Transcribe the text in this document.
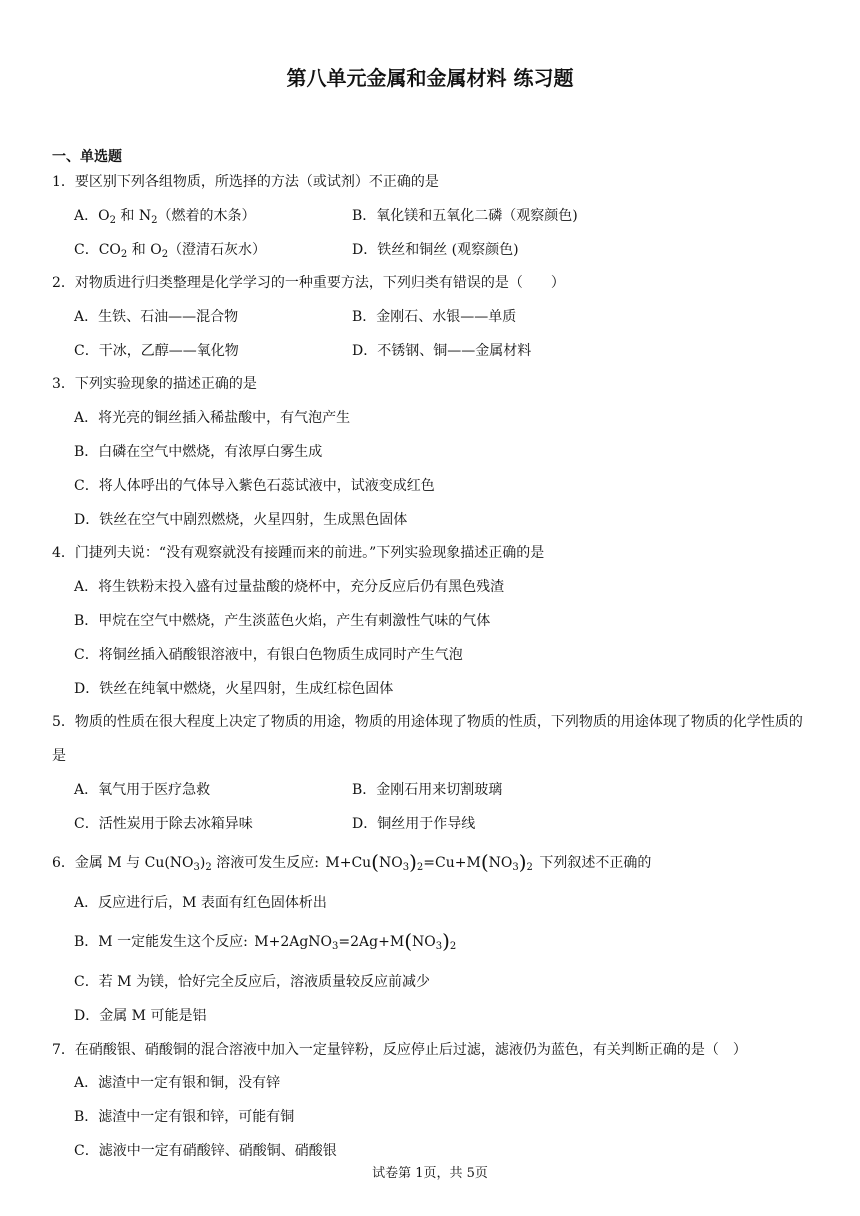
第八单元金属和金属材料 练习题
一、单选题
1．要区别下列各组物质，所选择的方法（或试剂）不正确的是
A．$O_2$ 和 $N_2$（燃着的木条）	B．氧化镁和五氧化二磷（观察颜色)
C．$CO_2$ 和 $O_2$（澄清石灰水）	D．铁丝和铜丝 (观察颜色)
2．对物质进行归类整理是化学学习的一种重要方法，下列归类有错误的是（　　）
A．生铁、石油——混合物	B．金刚石、水银——单质
C．干冰，乙醇——氧化物	D．不锈钢、铜——金属材料
3．下列实验现象的描述正确的是
A．将光亮的铜丝插入稀盐酸中，有气泡产生
B．白磷在空气中燃烧，有浓厚白雾生成
C．将人体呼出的气体导入紫色石蕊试液中，试液变成红色
D．铁丝在空气中剧烈燃烧，火星四射，生成黑色固体
4．门捷列夫说：“没有观察就没有接踵而来的前进。”下列实验现象描述正确的是
A．将生铁粉末投入盛有过量盐酸的烧杯中，充分反应后仍有黑色残渣
B．甲烷在空气中燃烧，产生淡蓝色火焰，产生有刺激性气味的气体
C．将铜丝插入硝酸银溶液中，有银白色物质生成同时产生气泡
D．铁丝在纯氧中燃烧，火星四射，生成红棕色固体
5．物质的性质在很大程度上决定了物质的用途，物质的用途体现了物质的性质，下列物质的用途体现了物质的化学性质的是
A．氧气用于医疗急救	B．金刚石用来切割玻璃
C．活性炭用于除去冰箱异味	D．铜丝用于作导线
6．金属 M 与 $Cu(NO_3)_2$ 溶液可发生反应: $M+Cu(NO_3)_2=Cu+M(NO_3)_2$ 下列叙述不正确的
A．反应进行后，M 表面有红色固体析出
B．M 一定能发生这个反应: $M+2AgNO_3=2Ag+M(NO_3)_2$
C．若 M 为镁，恰好完全反应后，溶液质量较反应前减少
D．金属 M 可能是铝
7．在硝酸银、硝酸铜的混合溶液中加入一定量锌粉，反应停止后过滤，滤液仍为蓝色，有关判断正确的是（　）
A．滤渣中一定有银和铜，没有锌
B．滤渣中一定有银和锌，可能有铜
C．滤液中一定有硝酸锌、硝酸铜、硝酸银
试卷第 1页，共 5页
